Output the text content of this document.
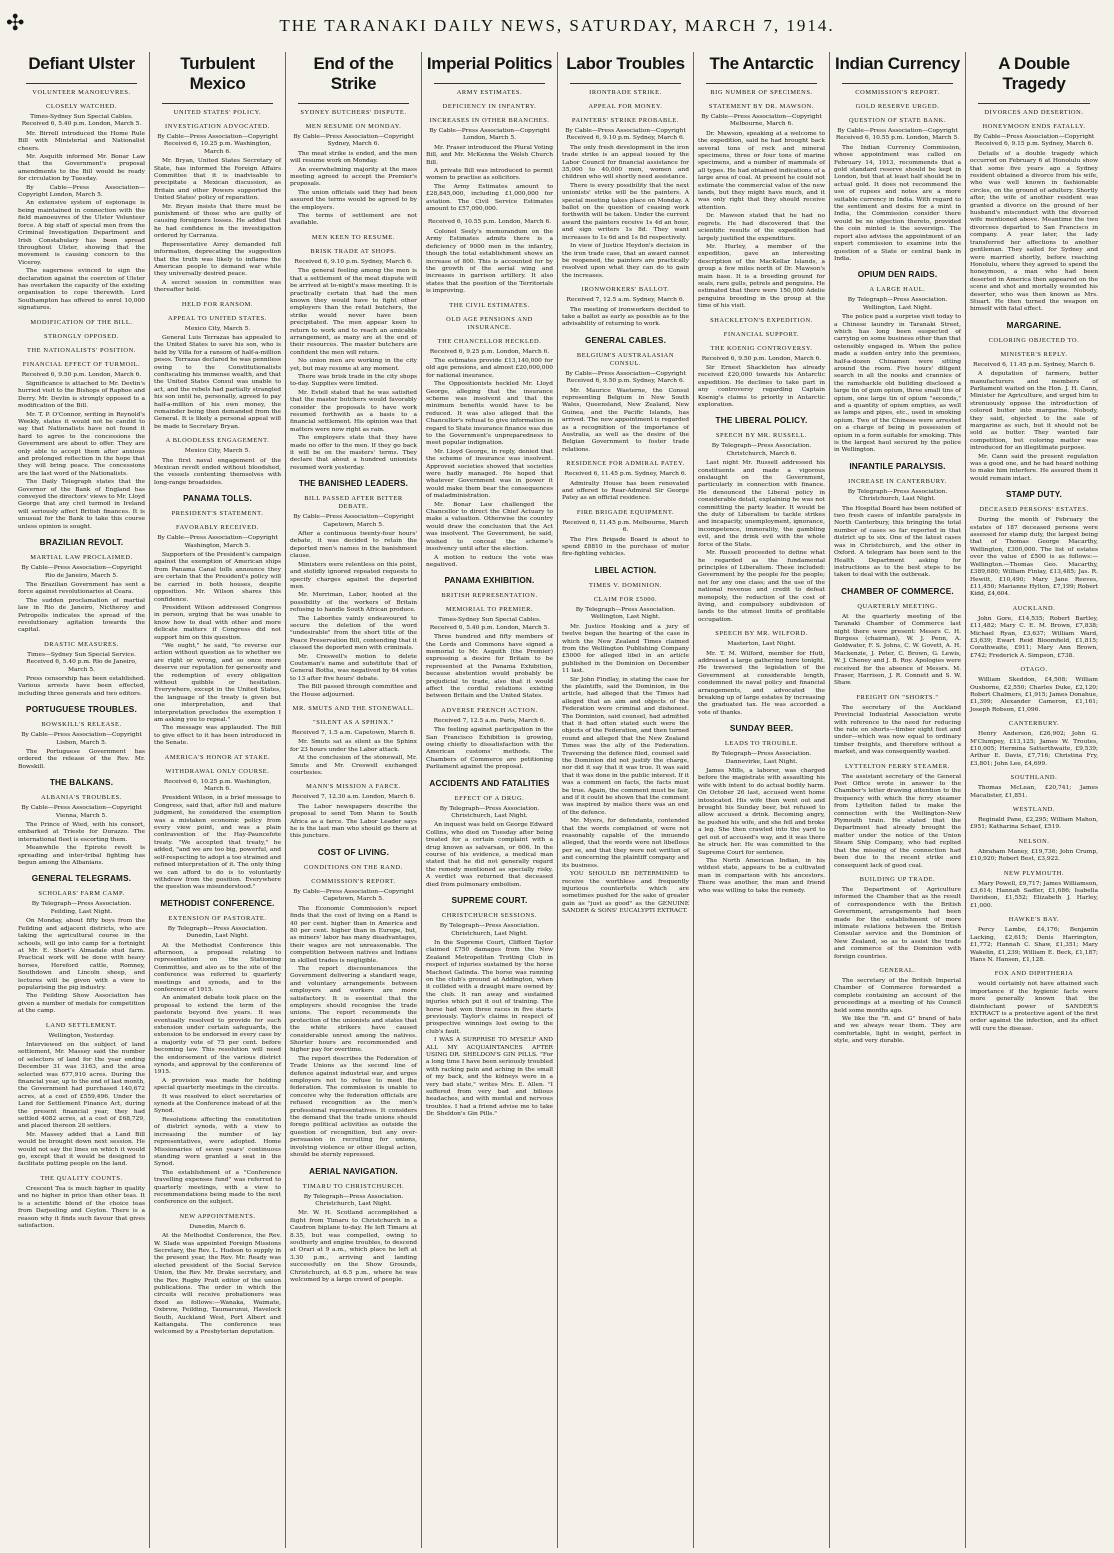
✣	THE TARANAKI DAILY NEWS, SATURDAY, MARCH 7, 1914.
Defiant Ulster
VOLUNTEER MANOEUVRES.
CLOSELY WATCHED.
Times-Sydney Sun Special Cables. Received 6, 5.40 p.m. London, March 5.

Mr. Birrell introduced the Home Rule Bill with Ministerial and Nationalist cheers.

Mr. Asquith informed Mr. Bonar Law that the Government's proposal amendments to the Bill would be ready for circulation by Tuesday.

By Cable—Press Association—Copyright London, March 5.

An extensive system of espionage is being maintained in connection with the field manoeuvres of the Ulster Volunteer force. A big staff of special men from the Criminal Investigation Department and Irish Constabulary has been spread throughout Ulster, showing that the movement is causing concern to the Viceroy.

The eagerness evinced to sign the declaration against the coercion of Ulster has overtaken the capacity of the existing organisation to cope therewith. Lord Southampton has offered to enrol 10,000 signatures.

MODIFICATION OF THE BILL.
STRONGLY OPPOSED.
THE NATIONALISTS' POSITION.
FINANCIAL EFFECT OF TURMOIL.
Received 6, 9.50 p.m. London, March 6.

Significance is attached to Mr. Devlin's hurried visit to the Bishops of Raphoe and Derry. Mr. Devlin is strongly opposed to a modification of the Bill.

Mr. T. P. O'Connor, writing in Reynold's Weekly, states it would not be candid to say that Nationalists have not found it hard to agree to the concessions the Government are about to offer. They are only able to accept them after anxious and prolonged reflection in the hope that they will bring peace. The concessions are the last word of the Nationalists.

The Daily Telegraph states that the Governor of the Bank of England has conveyed the directors' views to Mr. Lloyd George that any civil turmoil in Ireland will seriously affect British finances. It is unusual for the Bank to take this course unless opinion is sought.

BRAZILIAN REVOLT.
MARTIAL LAW PROCLAIMED.
By Cable—Press Association—Copyright Rio de Janeiro, March 5.

The Brazilian Government has sent a force against revolutionaries at Ceara.

The sudden proclamation of martial law in Rio de Janeiro, Nictheroy and Petropolis indicates the spread of the revolutionary agitation towards the capital.

DRASTIC MEASURES.
Times—Sydney Sun Special Service. Received 6, 5.40 p.m. Rio de Janeiro, March 5.

Press censorship has been established. Various arrests have been effected, including three generals and two editors.

PORTUGUESE TROUBLES.
BOWSKILL'S RELEASE.
By Cable—Press Association—Copyright Lisbon, March 5.

The Portuguese Government has ordered the release of the Rev. Mr. Bowskill.

THE BALKANS.
ALBANIA'S TROUBLES.
By Cable—Press Association—Copyright Vienna, March 5.

The Prince of Wied, with his consort, embarked at Trieste for Durazzo. The international fleet is escorting them.

Meanwhile the Epirote revolt is spreading and inter-tribal fighting has begun among the Albanians.

GENERAL TELEGRAMS.
SCHOLARS' FARM CAMP.
By Telegraph—Press Association. Feilding, Last Night.

On Monday, about fifty boys from the Feilding and adjacent districts, who are taking the agricultural course in the schools, will go into camp for a fortnight at Mr. E. Short's Almadale stud farm. Practical work will be done with heavy horses, Hereford cattle, Romney, Southdown and Lincoln sheep, and lectures will be given with a view to popularising the pig industry.

The Feilding Show Association has given a number of medals for competition at the camp.

LAND SETTLEMENT.
Wellington, Yesterday.

Interviewed on the subject of land settlement, Mr. Massey said the number of selectors of land for the year ending December 31 was 3163, and the area selected was 677,910 acres. During the financial year, up to the end of last month, the Government had purchased 140,672 acres, at a cost of £559,496. Under the Land for Settlement Finance Act, during the present financial year, they had settled 4082 acres, at a cost of £68,729, and placed thereon 28 settlers.

Mr. Massey added that a Land Bill would be brought down next session. He would not say the lines on which it would go, except that it would be designed to facilitate putting people on the land.

THE QUALITY COUNTS.

Crescent Tea is much higher in quality and no higher in price than other teas. It is a scientific blend of the choice teas from Darjeeling and Ceylon. There is a reason why it finds such favour that gives satisfaction.

Turbulent Mexico
UNITED STATES' POLICY.
INVESTIGATION ADVOCATED.
By Cable—Press Association—Copyright Received 6, 10.25 p.m. Washington, March 6.

Mr. Bryan, United States Secretary of State, has informed the Foreign Affairs Committee that it is inadvisable to precipitate a Mexican discussion, as Britain and other Powers supported the United States' policy of reparation.

Mr. Bryan insists that there must be punishment of those who are guilty of causing foreigners losses. He added that he had confidence in the investigation ordered by Carranza.

Representative Airey demanded full information, deprecating the suggestion that the truth was likely to inflame the American people to demand war while they universally desired peace.

A secret session in committee was thereafter held.

HELD FOR RANSOM.
APPEAL TO UNITED STATES.
Mexico City, March 5.

General Luis Terrazas has appealed to the United States to save his son, who is held by Villa for a ransom of half-a-million pesos. Terrazas declared he was penniless owing to the Constitutionalists confiscating his immense wealth, and that the United States Consul was unable to act, and the rebels had partially strangled his son until he, personally, agreed to pay half-a-million of his own money, the remainder being then demanded from the General. It is likely a personal appeal will be made to Secretary Bryan.

A BLOODLESS ENGAGEMENT.
Mexico City, March 5.

The first naval engagement of the Mexican revolt ended without bloodshed, the vessels contenting themselves with long-range broadsides.

PANAMA TOLLS.
PRESIDENT'S STATEMENT.
FAVORABLY RECEIVED.
By Cable—Press Association—Copyright Washington, March 5.

Supporters of the President's campaign against the exemption of American ships from Panama Canal tolls announce they are certain that the President's policy will be carried in both houses, despite opposition. Mr. Wilson shares this confidence.

President Wilson addressed Congress in person, urging that he was unable to know how to deal with other and more delicate matters if Congress did not support him on this question.

"We ought," he said, "to reverse our action without question as to whether we are right or wrong, and so once more deserve our reputation for generosity and the redemption of every obligation without quibble or hesitation. Everywhere, except in the United States, the language of the treaty is given but one interpretation, and that interpretation precludes the exemption I am asking you to repeal."

The message was applauded. The Bill to give effect to it has been introduced in the Senate.

AMERICA'S HONOR AT STAKE.
WITHDRAWAL ONLY COURSE.
Received 6, 10.25 p.m. Washington, March 6.

President Wilson, in a brief message to Congress, said that, after full and mature judgment, he considered the exemption was a mistaken economic policy from every view point, and was a plain contravention of the Hay-Pauncefote treaty. "We accepted that treaty," he added, "and we are too big, powerful, and self-respecting to adopt a too strained and refined interpretation of it. The only thing we can afford to do is to voluntarily withdraw from the position. Everywhere the question was misunderstood."

METHODIST CONFERENCE.
EXTENSION OF PASTORATE.
By Telegraph—Press Association. Dunedin, Last Night.

At the Methodist Conference this afternoon, a proposal relating to representation on the Stationing Committee, and also as to the site of the conference was referred to quarterly meetings and synods, and to the conference of 1915.

An animated debate took place on the proposal to extend the term of the pastorate beyond five years. It was eventually resolved to provide for such extension under certain safeguards, the extension to be endorsed in every case by a majority vote of 75 per cent. before becoming law. This resolution will need the endorsement of the various district synods, and approval by the conference of 1915.

A provision was made for holding special quarterly meetings in the circuits.

It was resolved to elect secretaries of synods at the Conference instead of at the Synod.

Resolutions affecting the constitution of district synods, with a view to increasing the number of lay representatives, were adopted. Home Missionaries of seven years' continuous standing were granted a seat in the Synod.

The establishment of a "Conference travelling expenses fund" was referred to quarterly meetings, with a view to recommendations being made to the next conference on the subject.

NEW APPOINTMENTS.
Dunedin, March 6.

At the Methodist Conference, the Rev. W. Slade was appointed Foreign Missions Secretary, the Rev. L. Hudson to supply in the present year, the Rev. Mr. Ready was elected president of the Social Service Union, the Rev. Mr. Drake secretary, and the Rev. Rugby Pratt editor of the union publications. The order in which the circuits will receive probationers was fixed as follows:—Wanaka, Waimate, Oxbrow, Feilding, Taumarunui, Havelock South, Auckland West, Port Albert and Kaitangata. The conference was welcomed by a Presbyterian deputation.

End of the Strike
SYDNEY BUTCHERS' DISPUTE.
MEN RESUME ON MONDAY.
By Cable—Press Association—Copyright Sydney, March 6.

The meat strike is ended, and the men will resume work on Monday.

An overwhelming majority at the mass meeting agreed to accept the Premier's proposals.

The union officials said they had been assured the terms would be agreed to by the employers.

The terms of settlement are not available.

MEN KEEN TO RESUME.
BRISK TRADE AT SHOPS.
Received 6, 9.10 p.m. Sydney, March 6.

The general feeling among the men is that a settlement of the meat dispute will be arrived at to-night's mass meeting. It is practically certain that had the men known they would have to fight other employers than the retail butchers, the strike would never have been precipitated. The men appear keen to return to work and to reach an amicable arrangement, as many are at the end of their resources. The master butchers are confident the men will return.

No union men are working in the city yet, but may resume at any moment.

There was brisk trade in the city shops to-day. Supplies were limited.

Mr. Estell stated that he was satisfied that the master butchers would favorably consider the proposals to have work resumed forthwith as a basis to a financial settlement. His opinion was that matters were now right as rain.

The employers state that they have made no offer to the men. If they go back it will be on the masters' terms. They declare that about a hundred unionists resumed work yesterday.

THE BANISHED LEADERS.
BILL PASSED AFTER BITTER DEBATE.
By Cable—Press Association—Copyright Capetown, March 5.

After a continuous twenty-four hours' debate, it was decided to retain the deported men's names in the banishment clause.

Ministers were relentless on this point, and stolidly ignored repeated requests to specify charges against the deported men.

Mr. Merriman, Labor, hooted at the possibility of the workers of Britain refusing to handle South African produce.

The Laborites vainly endeavoured to secure the deletion of the word "undesirable" from the short title of the Peace Preservation Bill, contending that it classed the deported men with criminals.

Mr. Creswell's motion to delete Coutsman's name and substitute that of General Botha, was negatived by 64 votes to 13 after five hours' debate.

The Bill passed through committee and the House adjourned.

MR. SMUTS AND THE STONEWALL.
"SILENT AS A SPHINX."
Received 7, 1.5 a.m. Capetown, March 6.

Mr. Smuts sat as silent as the Sphinx for 23 hours under the Labor attack.

At the conclusion of the stonewall, Mr. Smuts and Mr. Creswell exchanged courtesies.

MANN'S MISSION A FARCE.
Received 7, 12.30 a.m. London, March 6.

The Labor newspapers describe the proposal to send Tom Mann to South Africa as a farce. The Labor Leader says he is the last man who should go there at this juncture.

COST OF LIVING.
CONDITIONS ON THE RAND.
COMMISSION'S REPORT.
By Cable—Press Association—Copyright Capetown, March 5.

The Economic Commission's report finds that the cost of living on a Rand is 40 per cent. higher than in America and 80 per cent. higher than in Europe, but, as miners' labor has many disadvantages, their wages are not unreasonable. The competition between natives and Indians in skilled trades is negligible.

The report discountenances the Government delivering a standard wage, and voluntary arrangements between employers and workers are more satisfactory. It is essential that the employers should recognise the trade unions. The report recommends the protection of the unionists and states that the white strikers have caused considerable unrest among the natives. Shorter hours are recommended and higher pay for overtime.

The report describes the Federation of Trade Unions as the second line of defence against industrial war, and urges employers not to refuse to meet the federation. The commission is unable to conceive why the federation officials are refused recognition as the men's professional representatives. It considers the demand that the trade unions should forego political activities as outside the question of recognition, but any over-persuasion in recruiting for unions, involving violence or other illegal action, should be sternly repressed.

AERIAL NAVIGATION.
TIMARU TO CHRISTCHURCH.
By Telegraph—Press Association. Christchurch, Last Night.

Mr. W. H. Scotland accomplished a flight from Timaru to Christchurch in a Caudron biplane to-day. He left Timaru at 8.35, but was compelled, owing to southerly and engine troubles, to descend at Orari at 9 a.m., which place he left at 3.30 p.m., arriving and landing successfully on the Show Grounds, Christchurch, at 6.5 p.m., where he was welcomed by a large crowd of people.

Imperial Politics
ARMY ESTIMATES.
DEFICIENCY IN INFANTRY.
INCREASES IN OTHER BRANCHES.
By Cable—Press Association—Copyright London, March 5.

Mr. Fraser introduced the Plural Voting Bill, and Mr. McKenna the Welsh Church Bill.

A private Bill was introduced to permit women to practise as solicitors.

The Army Estimates amount to £28,845,000, including £1,000,000 for aviation. The Civil Service Estimates amount to £57,090,000.

Received 6, 10.55 p.m. London, March 6.

Colonel Seely's memorandum on the Army Estimates admits there is a deficiency of 9000 men in the infantry, though the total establishment shows an increase of 800. This is accounted for by the growth of the aerial wing and increases in garrison artillery. It also states that the position of the Territorials is improving.

THE CIVIL ESTIMATES.
OLD AGE PENSIONS AND INSURANCE.
THE CHANCELLOR HECKLED.
Received 6, 9.25 p.m. London, March 6.

The estimates provide £13,140,000 for old age pensions, and almost £20,000,000 for national insurance.

The Oppositionists heckled Mr. Lloyd George, alleging that the insurance scheme was insolvent and that the minimum benefits would have to be reduced. It was also alleged that the Chancellor's refusal to give information in regard to State insurance finance was due to the Government's unpreparedness to meet popular indignation.

Mr. Lloyd George, in reply, denied that the scheme of insurance was insolvent. Approved societies showed that societies were badly managed. He hoped that whatever Government was in power it would make them bear the consequences of maladministration.

Mr. Bonar Law challenged the Chancellor to direct the Chief Actuary to make a valuation. Otherwise the country would draw the conclusion that the Act was insolvent. The Government, he said, wished to conceal the scheme's insolvency until after the election.

A motion to reduce the vote was negatived.

PANAMA EXHIBITION.
BRITISH REPRESENTATION.
MEMORIAL TO PREMIER.
Times-Sydney Sun Special Cables. Received 6, 5.40 p.m. London, March 5.

Three hundred and fifty members of the Lords and Commons have signed a memorial to Mr. Asquith (the Premier) expressing a desire for Britain to be represented at the Panama Exhibition, because abstention would probably be prejudicial to trade, also that it would affect the cordial relations existing between Britain and the United States.

ADVERSE FRENCH ACTION.
Received 7, 12.5 a.m. Paris, March 6.

The feeling against participation in the San Francisco Exhibition is growing, owing chiefly to dissatisfaction with the American customs' methods. The Chambers of Commerce are petitioning Parliament against the proposal.

ACCIDENTS AND FATALITIES
EFFECT OF A DRUG.
By Telegraph—Press Association. Christchurch, Last Night.

An inquest was held on George Edward Collins, who died on Tuesday after being treated for a certain complaint with a drug known as salvarsan, or 606. In the course of his evidence, a medical man stated that he did not generally regard the remedy mentioned as specially risky. A verdict was returned that deceased died from pulmonary embolism.

SUPREME COURT.
CHRISTCHURCH SESSIONS.
By Telegraph—Press Association. Christchurch, Last Night.

In the Supreme Court, Clifford Taylor claimed £750 damages from the New Zealand Metropolitan Trotting Club in respect of injuries sustained by the horse Machost Galinda. The horse was running on the club's ground at Addington, when it collided with a draught mare owned by the club. It ran away and sustained injuries which put it out of training. The horse had won three races in five starts previously. Taylor's claims in respect of prospective winnings lost owing to the club's fault.

I WAS A SURPRISE TO MYSELF AND ALL MY ACQUAINTANCES AFTER USING DR. SHELDON'S GIN PILLS. "For a long time I have been seriously troubled with racking pain and aching in the small of my back, and the kidneys were in a very bad state," writes Mrs. E. Allen. "I suffered from very bad and bilious headaches, and with mental and nervous troubles. I had a friend advise me to take Dr. Sheldon's Gin Pills."

Labor Troubles
IRONTRADE STRIKE.
APPEAL FOR MONEY.
PAINTERS' STRIKE PROBABLE.
By Cable—Press Association—Copyright Received 6, 9.10 p.m. Sydney, March 6.

The only fresh development in the iron trade strike is an appeal issued by the Labor Council for financial assistance for 35,000 to 40,000 men, women and children who will shortly need assistance.

There is every possibility that the next unionists' strike will be the painters. A special meeting takes place on Monday. A ballot on the question of ceasing work forthwith will be taken. Under the current award the painters receive 1s 4d an hour, and sign writers 1s 8d. They want increases to 1s 6d and 1s 8d respectively.

In view of Justice Heydon's decision in the iron trade case, that an award cannot be reopened, the painters are practically resolved upon what they can do to gain the increases.

IRONWORKERS' BALLOT.
Received 7, 12.5 a.m. Sydney, March 6.

The meeting of ironworkers decided to take a ballot as early as possible as to the advisability of returning to work.

GENERAL CABLES.
BELGIUM'S AUSTRALASIAN CONSUL.
By Cable—Press Association—Copyright Received 6, 9.50 p.m. Sydney, March 6.

Mr. Maurice Waeterne, the Consul representing Belgium in New South Wales, Queensland, New Zealand, New Guinea, and the Pacific Islands, has arrived. The new appointment is regarded as a recognition of the importance of Australia, as well as the desire of the Belgian Government to foster trade relations.

RESIDENCE FOR ADMIRAL PATEY.
Received 6, 11.45 p.m. Sydney, March 6.

Admiralty House has been renovated and offered to Rear-Admiral Sir George Patey as an official residence.

FIRE BRIGADE EQUIPMENT.
Received 6, 11.45 p.m. Melbourne, March 6.

The Fire Brigade Board is about to spend £8810 in the purchase of motor fire-fighting vehicles.

LIBEL ACTION.
TIMES V. DOMINION.
CLAIM FOR £5000.
By Telegraph—Press Association. Wellington, Last Night.

Mr. Justice Hosking and a jury of twelve began the hearing of the case in which the New Zealand Times claimed from the Wellington Publishing Company £5000 for alleged libel in an article published in the Dominion on December 11 last.

Sir John Findlay, in stating the case for the plaintiffs, said the Dominion, in the article, had alleged that the Times had alleged that an aim and objects of the Federation were criminal and dishonest. The Dominion, said counsel, had admitted that it had often stated such were the objects of the Federation, and then turned round and alleged that the New Zealand Times was the ally of the Federation. Traversing the defence filed, counsel said the Dominion did not justify the charge, nor did it say that it was true. It was said that it was done in the public interest. If it was a comment on facts, the facts must be true. Again, the comment must be fair, and if it could be shown that the comment was inspired by malice there was an end of the defence.

Mr. Myers, for defendants, contended that the words complained of were not reasonably capable of the innuendo alleged, that the words were not libellous per se, and that they were not written of and concerning the plaintiff company and its business.

YOU SHOULD BE DETERMINED to receive the worthless and frequently injurious counterfeits which are sometimes pushed for the sake of greater gain as "just as good" as the GENUINE SANDER & SONS' EUCALYPTI EXTRACT.

The Antarctic
BIG NUMBER OF SPECIMENS.
STATEMENT BY DR. MAWSON.
By Cable—Press Association—Copyright Melbourne, March 6.

Dr. Mawson, speaking at a welcome to the expedition, said he had brought back several tons of rock and mineral specimens, three or four tons of marine specimens, and a number of mammals of all types. He had obtained indications of a large area of coal. At present he could not estimate the commercial value of the new lands, but they might have much, and it was only right that they should receive attention.

Dr. Mawson stated that he had no regrets. He had discovered that the scientific results of the expedition had largely justified the expenditure.

Mr. Hurley, a member of the expedition, gave an interesting description of the MacKellar Islands, a group a few miles north of Dr. Mawson's main base. It is a breeding ground for seals, rare gulls, petrels and penguins. He estimated that there were 150,000 Adelie penguins breeding in the group at the time of his visit.

SHACKLETON'S EXPEDITION.
FINANCIAL SUPPORT.
THE KOENIG CONTROVERSY.
Received 6, 9.50 p.m. London, March 6.

Sir Ernest Shackleton has already received £20,000 towards his Antarctic expedition. He declines to take part in any controversy regarding Captain Koenig's claims to priority in Antarctic exploration.

THE LIBERAL POLICY.
SPEECH BY MR. RUSSELL.
By Telegraph—Press Association. Christchurch, March 6.

Last night Mr. Russell addressed his constituents and made a vigorous onslaught on the Government, particularly in connection with finance. He denounced the Liberal policy in considerable detail, explaining he was not committing the party leader. It would be the duty of Liberalism to tackle strikes and incapacity, unemployment, ignorance, incompetence, immorality, the gambling evil, and the drink evil with the whole force of the State.

Mr. Russell proceeded to define what he regarded as the fundamental principles of Liberalism. These included: Government by the people for the people; not for any one class; and the use of the national revenue and credit to defeat monopoly, the reduction of the cost of living, and compulsory subdivision of lands to the utmost limits of profitable occupation.

SPEECH BY MR. WILFORD.
Masterton, Last Night.

Mr. T. M. Wilford, member for Hutt, addressed a large gathering here tonight. He traversed the legislation of the Government at considerable length, condemned its naval policy and financial arrangements, and advocated the breaking up of large estates by increasing the graduated tax. He was accorded a vote of thanks.

SUNDAY BEER.
LEADS TO TROUBLE.
By Telegraph—Press Association. Dannevirke, Last Night.

James Mills, a laborer, was charged before the magistrate with assaulting his wife with intent to do actual bodily harm. On October 26 last, accused went home intoxicated. His wife then went out and brought his Sunday beer, but refused to allow accused a drink. Becoming angry, he pushed his wife, and she fell and broke a leg. She then crawled into the yard to get out of accused's way, and it was there he struck her. He was committed to the Supreme Court for sentence.

The North American Indian, in his wildest state, appears to be a cultivated man in comparison with his ancestors. There was another, the man and friend who was willing to take the remedy.

Indian Currency
COMMISSION'S REPORT.
GOLD RESERVE URGED.
QUESTION OF STATE BANK.
By Cable—Press Association—Copyright Received 6, 10.55 p.m. London, March 5.

The Indian Currency Commission, whose appointment was called on February 14, 1913, recommends that a gold standard reserve should be kept in London, but that at least half should be in actual gold. It does not recommend the use of rupees and notes are a more suitable currency in India. With regard to the sentiment and desire for a mint in India, the Commission consider there would be no objection thereto, provided the coin minted is the sovereign. The report also advises the appointment of an expert commission to examine into the question of a State or central bank in India.

OPIUM DEN RAIDS.
A LARGE HAUL.
By Telegraph—Press Association. Wellington, Last Night.

The police paid a surprise visit today to a Chinese laundry in Taranaki Street, which has long been suspected of carrying on some business other than that ostensibly engaged in. When the police made a sudden entry into the premises, half-a-dozen Chinamen were sitting around the room. Five hours' diligent search in all the nooks and crannies of the ramshackle old building disclosed a large tin of gum opium, three small tins of opium, one large tin of opium "seconds," and a quantity of opium empties, as well as lamps and pipes, etc., used in smoking opium. Two of the Chinese were arrested on a charge of being in possession of opium in a form suitable for smoking. This is the largest haul secured by the police in Wellington.

INFANTILE PARALYSIS.
INCREASE IN CANTERBURY.
By Telegraph—Press Association. Christchurch, Last Night.

The Hospital Board has been notified of two fresh cases of infantile paralysis in North Canterbury, this bringing the total number of cases so far reported in that district up to six. One of the latest cases was in Christchurch, and the other in Oxford. A telegram has been sent to the Health Department asking for instructions as to the best steps to be taken to deal with the outbreak.

CHAMBER OF COMMERCE.
QUARTERLY MEETING.

At the quarterly meeting of the Taranaki Chamber of Commerce last night there were present: Messrs C. H. Burgess (chairman), W. J. Penn, A. Goldwater, F. S. Johns, C. W. Govett, A. H. Mackenzie, J. Peter, C. Brown, G. Lewis, W. J. Cheney and J. B. Roy. Apologies were received for the absence of Messrs. M. Fraser, Harrison, J. R. Connett and S. W. Shaw.

FREIGHT ON "SHORTS."

The secretary of the Auckland Provincial Industrial Association wrote with reference to the need for reducing the rate on shorts—timber eight feet and under—which was now equal to ordinary timber freights, and therefore without a market, and was consequently wasted.

LYTTELTON FERRY STEAMER.

The assistant secretary of the General Post Office wrote in answer to the Chamber's letter drawing attention to the frequency with which the ferry steamer from Lyttelton failed to make the connection with the Wellington–New Plymouth train. He stated that the Department had already brought the matter under the notice of the Union Steam Ship Company, who had replied that the missing of the connection had been due to the recent strike and consequent lack of good coal.

BUILDING UP TRADE.

The Department of Agriculture informed the Chamber that as the result of correspondence with the British Government, arrangements had been made for the establishment of more intimate relations between the British Consular service and the Dominion of New Zealand, so as to assist the trade and commerce of the Dominion with foreign countries.

GENERAL.

The secretary of the British Imperial Chamber of Commerce forwarded a complete containing an account of the proceedings at a meeting of his Council held some months ago.

We like the "R. and G" brand of hats and we always wear them. They are comfortable, light in weight, perfect in style, and very durable.

A Double Tragedy
DIVORCES AND DESERTION.
HONEYMOON ENDS FATALLY.
By Cable—Press Association—Copyright Received 6, 9.15 p.m. Sydney, March 6.

Details of a double tragedy which occurred on February 6 at Honolulu show that some five years ago a Sydney resident obtained a divorce from his wife, who was well known in fashionable circles, on the ground of adultery. Shortly after, the wife of another resident was granted a divorce on the ground of her husband's misconduct with the divorced wife mentioned above. Meantime the two divorcees departed to San Francisco in company. A year later, the lady transferred her affections to another gentleman. They sailed for Sydney and were married shortly, before reaching Honolulu, where they agreed to spend the honeymoon, a man who had been deserted in America then appeared on the scene and shot and mortally wounded his deserter, who was then known as Mrs. Stuart. He then turned the weapon on himself with fatal effect.

MARGARINE.
COLORING OBJECTED TO.
MINISTER'S REPLY.
Received 6, 11.45 p.m. Sydney, March 6.

A deputation of farmers, butter manufacturers and members of Parliament waited on the Hon. J. H. Cann, Minister for Agriculture, and urged him to strenuously oppose the introduction of colored butter into margarine. Nobody, they said, objected to the sale of margarine as such, but it should not be sold as butter. They wanted fair competition, but coloring matter was introduced for an illegitimate purpose.

Mr. Cann said the present regulation was a good one, and he had heard nothing to make him interfere. He assured them it would remain intact.

STAMP DUTY.
DECEASED PERSONS' ESTATES.

During the month of February the estates of 187 deceased persons were assessed for stamp duty, the largest being that of Thomas George Macarthy, Wellington, £300,000. The list of estates over the value of £500 is as follows:—Wellington.—Thomas Geo. Macarthy, £389,680; William Finlay, £13,485; Jas. R. Hewitt, £10,490; Mary Jane Reeves, £11,450; Marianne Hylton, £7,199; Robert Kidd, £4,604.

AUCKLAND.

John Gore, £14,535; Robert Bartley, £11,482; Mary C. E. M. Brown, £7,838; Michael Ryan, £3,637; William Ward, £3,639; Ewart Reid Bloomfield, £1,815; Corathwaite, £911; Mary Ann Brown, £742; Frederick A. Simpson, £738.

OTAGO.

William Skeddon, £4,508; William Ousborne, £2,550; Charles Duke, £2,120; Robert Chalmers, £1,915; James Donahue, £1,399; Alexander Cameron, £1,161; Joseph Robson, £1,096.

CANTERBURY.

Henry Anderson, £26,902; John G. M'Clumpey, £13,125; James W. Troutes, £10,005; Hermina Satterthwaite, £9,539; Arthur E. Davis, £7,716; Christina Fry, £3,801; John Lee, £4,699.

SOUTHLAND.

Thomas McLean, £20,741; James Macalister, £1,851.

WESTLAND.

Reginald Pane, £2,295; William Mahon, £951; Katharina Schaef, £519.

NELSON.

Abraham Maney, £19,736; John Crump, £10,920; Robert Best, £3,922.

NEW PLYMOUTH.

Mary Powell, £9,717; James Williamson, £3,614; Hannah Sadler, £1,686; Isabella Davidson, £1,552; Elizabeth J. Harley, £1,000.

HAWKE'S BAY.

Percy Lambe, £4,176; Benjamin Lacking, £2,615; Denis Harrington, £1,772; Hannah C. Shaw, £1,351; Mary Wakelin, £1,239; William E. Beck, £1,187; Hans N. Hansen, £1,128.

FOX AND DIPHTHERIA

would certainly not have attained such importance if the hygienic facts were more generally known that the disinfectant power of SANDER'S EXTRACT is a protective agent of the first order against the infection, and its effect will cure the disease.
